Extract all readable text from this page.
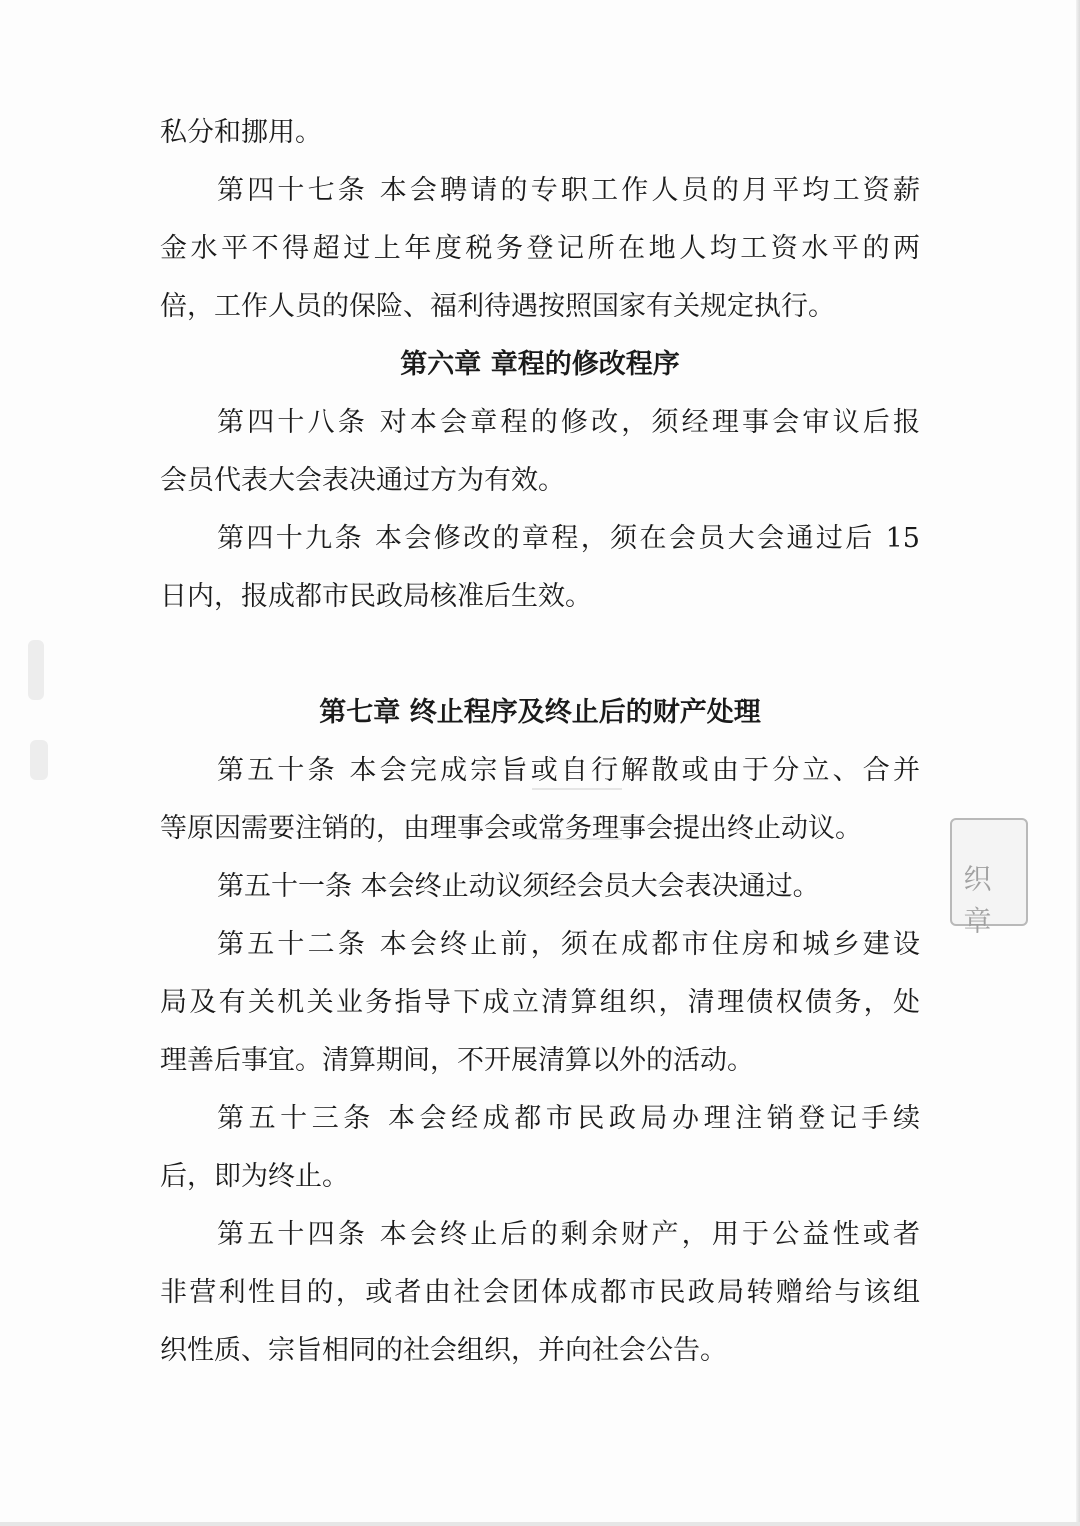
私分和挪用。
第四十七条 本会聘请的专职工作人员的月平均工资薪
金水平不得超过上年度税务登记所在地人均工资水平的两
倍，工作人员的保险、福利待遇按照国家有关规定执行。
第六章 章程的修改程序
第四十八条 对本会章程的修改，须经理事会审议后报
会员代表大会表决通过方为有效。
第四十九条 本会修改的章程，须在会员大会通过后 15
日内，报成都市民政局核准后生效。
第七章 终止程序及终止后的财产处理
第五十条 本会完成宗旨或自行解散或由于分立、合并
等原因需要注销的，由理事会或常务理事会提出终止动议。
第五十一条 本会终止动议须经会员大会表决通过。
第五十二条 本会终止前，须在成都市住房和城乡建设
局及有关机关业务指导下成立清算组织，清理债权债务，处
理善后事宜。清算期间，不开展清算以外的活动。
第五十三条 本会经成都市民政局办理注销登记手续
后，即为终止。
第五十四条 本会终止后的剩余财产，用于公益性或者
非营利性目的，或者由社会团体成都市民政局转赠给与该组
织性质、宗旨相同的社会组织，并向社会公告。
织
章
